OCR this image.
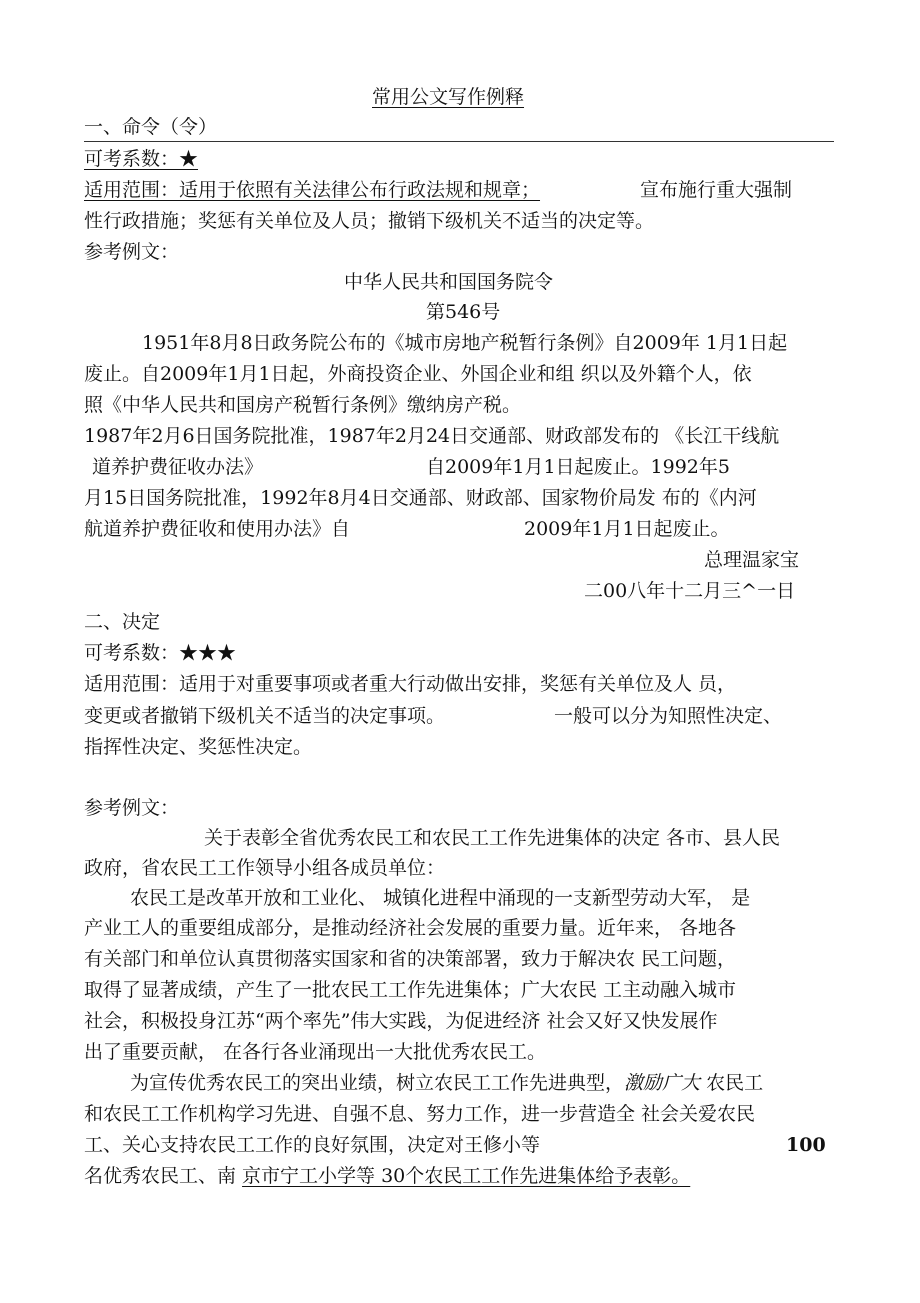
常用公文写作例释
一、命令（令）
可考系数：★
适用范围：适用于依照有关法律公布行政法规和规章；	宣布施行重大强制
性行政措施；奖惩有关单位及人员；撤销下级机关不适当的决定等。
参考例文：
中华人民共和国国务院令
第546号
1951年8月8日政务院公布的《城市房地产税暂行条例》自2009年 1月1日起
废止。自2009年1月1日起，外商投资企业、外国企业和组 织以及外籍个人，依
照《中华人民共和国房产税暂行条例》缴纳房产税。
1987年2月6日国务院批准，1987年2月24日交通部、财政部发布的 《长江干线航
道养护费征收办法》	自2009年1月1日起废止。1992年5
月15日国务院批准，1992年8月4日交通部、财政部、国家物价局发 布的《内河
航道养护费征收和使用办法》自	2009年1月1日起废止。
总理温家宝
二00八年十二月三^一日
二、决定
可考系数：★★★
适用范围：适用于对重要事项或者重大行动做出安排，奖惩有关单位及人 员，
变更或者撤销下级机关不适当的决定事项。	一般可以分为知照性决定、
指挥性决定、奖惩性决定。
参考例文：
关于表彰全省优秀农民工和农民工工作先进集体的决定 各市、县人民
政府，省农民工工作领导小组各成员单位：
农民工是改革开放和工业化、 城镇化进程中涌现的一支新型劳动大军， 是
产业工人的重要组成部分，是推动经济社会发展的重要力量。近年来， 各地各
有关部门和单位认真贯彻落实国家和省的决策部署，致力于解决农 民工问题，
取得了显著成绩，产生了一批农民工工作先进集体；广大农民 工主动融入城市
社会，积极投身江苏“两个率先”伟大实践，为促进经济 社会又好又快发展作
出了重要贡献， 在各行各业涌现出一大批优秀农民工。
为宣传优秀农民工的突出业绩，树立农民工工作先进典型，激励广大 农民工
和农民工工作机构学习先进、自强不息、努力工作，进一步营造全 社会关爱农民
工、关心支持农民工工作的良好氛围，决定对王修小等	100
名优秀农民工、南 京市宁工小学等 30个农民工工作先进集体给予表彰。
